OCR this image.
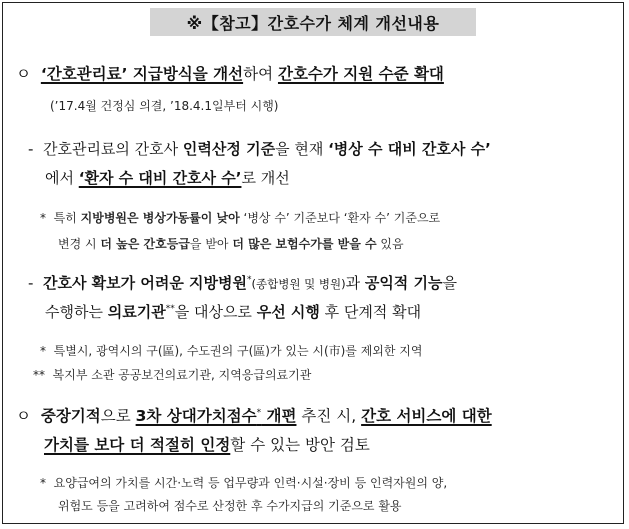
※【참고】간호수가 체계 개선내용
ㅇ ‘간호관리료’ 지급방식을 개선하여 간호수가 지원 수준 확대
(’17.4월 건정심 의결, ’18.4.1일부터 시행)
- 간호관리료의 간호사 인력산정 기준을 현재 ‘병상 수 대비 간호사 수’
에서 ‘환자 수 대비 간호사 수’로 개선
* 특히 지방병원은 병상가동률이 낮아 ‘병상 수’ 기준보다 ‘환자 수’ 기준으로
변경 시 더 높은 간호등급을 받아 더 많은 보험수가를 받을 수 있음
- 간호사 확보가 어려운 지방병원*(종합병원 및 병원)과 공익적 기능을
수행하는 의료기관**을 대상으로 우선 시행 후 단계적 확대
* 특별시, 광역시의 구(區), 수도권의 구(區)가 있는 시(市)를 제외한 지역
** 복지부 소관 공공보건의료기관, 지역응급의료기관
ㅇ 중장기적으로 3차 상대가치점수* 개편 추진 시, 간호 서비스에 대한
가치를 보다 더 적절히 인정할 수 있는 방안 검토
* 요양급여의 가치를 시간·노력 등 업무량과 인력·시설·장비 등 인력자원의 양,
위험도 등을 고려하여 점수로 산정한 후 수가지급의 기준으로 활용
